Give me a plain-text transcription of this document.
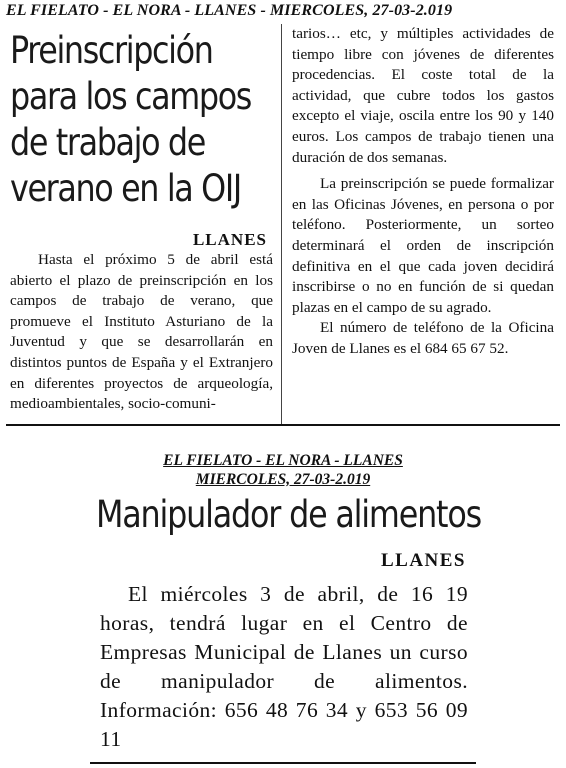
EL FIELATO - EL NORA - LLANES - MIERCOLES, 27-03-2.019
Preinscripción
para los campos
de trabajo de
verano en la OIJ
LLANES

Hasta el próximo 5 de abril está abierto el plazo de preinscripción en los campos de trabajo de verano, que promueve el Instituto Asturiano de la Juventud y que se desarrollarán en distintos puntos de España y el Extranjero en diferentes proyectos de arqueología, medioambientales, socio-comuni-

tarios… etc, y múltiples actividades de tiempo libre con jóvenes de diferentes procedencias. El coste total de la actividad, que cubre todos los gastos excepto el viaje, oscila entre los 90 y 140 euros. Los campos de trabajo tienen una duración de dos semanas.

La preinscripción se puede formalizar en las Oficinas Jóvenes, en persona o por teléfono. Posteriormente, un sorteo determinará el orden de inscripción definitiva en el que cada joven decidirá inscribirse o no en función de si quedan plazas en el campo de su agrado.

El número de teléfono de la Oficina Joven de Llanes es el 684 65 67 52.

EL FIELATO - EL NORA - LLANES
MIERCOLES, 27-03-2.019
Manipulador de alimentos
LLANES

El miércoles 3 de abril, de 16 19 horas, tendrá lugar en el Centro de Empresas Municipal de Llanes un curso de manipulador de alimentos. Información: 656 48 76 34 y 653 56 09 11
